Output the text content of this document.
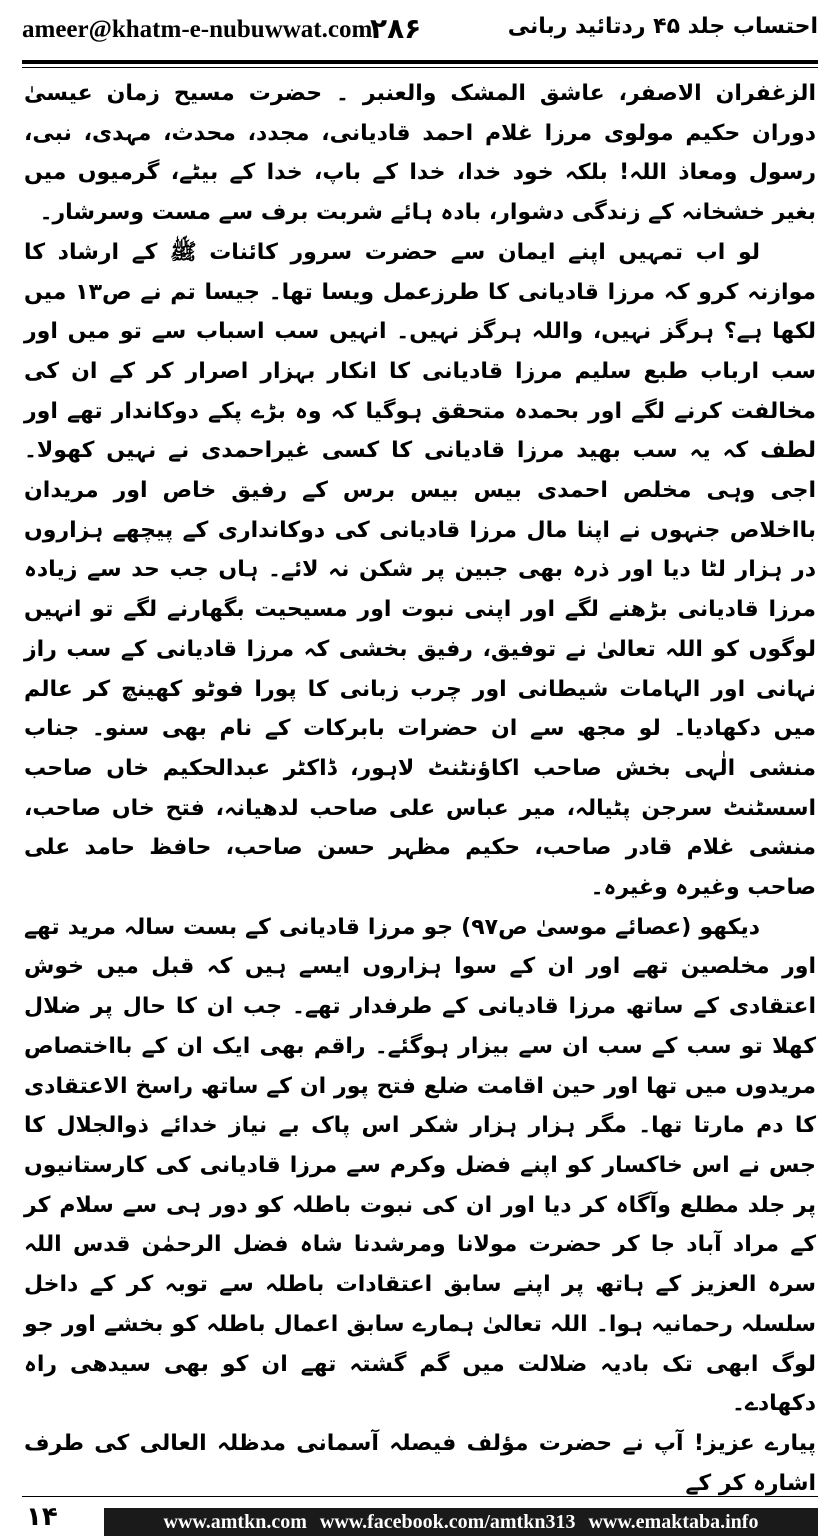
ameer@khatm-e-nubuwwat.com
۲۸۶	احتساب جلد ۴۵ ردتائید ربانی

الزغفران الاصفر، عاشق المشک والعنبر ۔ حضرت مسیح زمان عیسیٰ دوران حکیم مولوی مرزا غلام احمد قادیانی، مجدد، محدث، مہدی، نبی، رسول ومعاذ اللہ! بلکہ خود خدا، خدا کے باپ، خدا کے بیٹے، گرمیوں میں بغیر خشخانہ کے زندگی دشوار، بادہ ہائے شربت برف سے مست وسرشار۔

لو اب تمہیں اپنے ایمان سے حضرت سرور کائنات ﷺ کے ارشاد کا موازنہ کرو کہ مرزا قادیانی کا طرزعمل ویسا تھا۔ جیسا تم نے ص۱۳ میں لکھا ہے؟ ہرگز نہیں، واللہ ہرگز نہیں۔ انہیں سب اسباب سے تو میں اور سب ارباب طبع سلیم مرزا قادیانی کا انکار بہزار اصرار کر کے ان کی مخالفت کرنے لگے اور بحمدہ متحقق ہوگیا کہ وہ بڑے پکے دوکاندار تھے اور لطف کہ یہ سب بھید مرزا قادیانی کا کسی غیراحمدی نے نہیں کھولا۔ اجی وہی مخلص احمدی بیس بیس برس کے رفیق خاص اور مریدان بااخلاص جنہوں نے اپنا مال مرزا قادیانی کی دوکانداری کے پیچھے ہزاروں در ہزار لٹا دیا اور ذرہ بھی جبین پر شکن نہ لائے۔ ہاں جب حد سے زیادہ مرزا قادیانی بڑھنے لگے اور اپنی نبوت اور مسیحیت بگھارنے لگے تو انہیں لوگوں کو اللہ تعالیٰ نے توفیق، رفیق بخشی کہ مرزا قادیانی کے سب راز نہانی اور الہامات شیطانی اور چرب زبانی کا پورا فوٹو کھینچ کر عالم میں دکھادیا۔ لو مجھ سے ان حضرات بابرکات کے نام بھی سنو۔ جناب منشی الٰہی بخش صاحب اکاؤنٹنٹ لاہور، ڈاکٹر عبدالحکیم خاں صاحب اسسٹنٹ سرجن پٹیالہ، میر عباس علی صاحب لدھیانہ، فتح خاں صاحب، منشی غلام قادر صاحب، حکیم مظہر حسن صاحب، حافظ حامد علی صاحب وغیرہ وغیرہ۔

دیکھو (عصائے موسیٰ ص۹۷) جو مرزا قادیانی کے بست سالہ مرید تھے اور مخلصین تھے اور ان کے سوا ہزاروں ایسے ہیں کہ قبل میں خوش اعتقادی کے ساتھ مرزا قادیانی کے طرفدار تھے۔ جب ان کا حال پر ضلال کھلا تو سب کے سب ان سے بیزار ہوگئے۔ راقم بھی ایک ان کے بااختصاص مریدوں میں تھا اور حین اقامت ضلع فتح پور ان کے ساتھ راسخ الاعتقادی کا دم مارتا تھا۔ مگر ہزار ہزار شکر اس پاک بے نیاز خدائے ذوالجلال کا جس نے اس خاکسار کو اپنے فضل وکرم سے مرزا قادیانی کی کارستانیوں پر جلد مطلع وآگاہ کر دیا اور ان کی نبوت باطلہ کو دور ہی سے سلام کر کے مراد آباد جا کر حضرت مولانا ومرشدنا شاہ فضل الرحمٰن قدس اللہ سرہ العزیز کے ہاتھ پر اپنے سابق اعتقادات باطلہ سے توبہ کر کے داخل سلسلہ رحمانیہ ہوا۔ اللہ تعالیٰ ہمارے سابق اعمال باطلہ کو بخشے اور جو لوگ ابھی تک بادیہ ضلالت میں گم گشتہ تھے ان کو بھی سیدھی راہ دکھادے۔

پیارے عزیز! آپ نے حضرت مؤلف فیصلہ آسمانی مدظلہ العالی کی طرف اشارہ کر کے

۱۴	www.amtkn.com www.facebook.com/amtkn313 www.emaktaba.info
